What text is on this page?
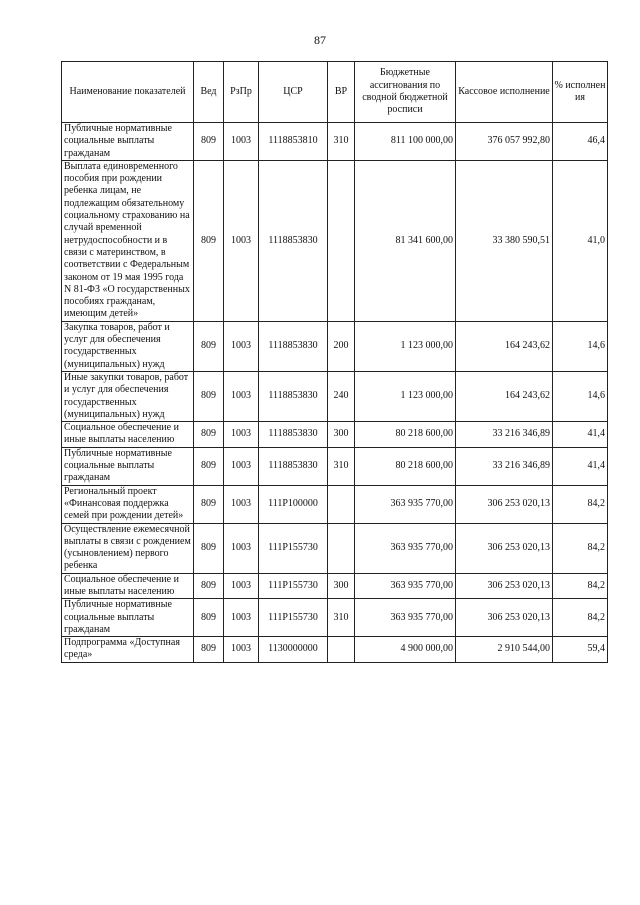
87
Наименование показателей	Вед	РзПр	ЦСР	ВР	Бюджетные ассигнования по сводной бюджетной росписи	Кассовое исполнение	% исполнения
Публичные нормативные социальные выплаты гражданам	809	1003	1118853810	310	811 100 000,00	376 057 992,80	46,4
Выплата единовременного пособия при рождении ребенка лицам, не подлежащим обязательному социальному страхованию на случай временной нетрудоспособности и в связи с материнством, в соответствии с Федеральным законом от 19 мая 1995 года N 81-ФЗ «О государственных пособиях гражданам, имеющим детей»	809	1003	1118853830		81 341 600,00	33 380 590,51	41,0
Закупка товаров, работ и услуг для обеспечения государственных (муниципальных) нужд	809	1003	1118853830	200	1 123 000,00	164 243,62	14,6
Иные закупки товаров, работ и услуг для обеспечения государственных (муниципальных) нужд	809	1003	1118853830	240	1 123 000,00	164 243,62	14,6
Социальное обеспечение и иные выплаты населению	809	1003	1118853830	300	80 218 600,00	33 216 346,89	41,4
Публичные нормативные социальные выплаты гражданам	809	1003	1118853830	310	80 218 600,00	33 216 346,89	41,4
Региональный проект «Финансовая поддержка семей при рождении детей»	809	1003	111P100000		363 935 770,00	306 253 020,13	84,2
Осуществление ежемесячной выплаты в связи с рождением (усыновлением) первого ребенка	809	1003	111P155730		363 935 770,00	306 253 020,13	84,2
Социальное обеспечение и иные выплаты населению	809	1003	111P155730	300	363 935 770,00	306 253 020,13	84,2
Публичные нормативные социальные выплаты гражданам	809	1003	111P155730	310	363 935 770,00	306 253 020,13	84,2
Подпрограмма «Доступная среда»	809	1003	1130000000		4 900 000,00	2 910 544,00	59,4
